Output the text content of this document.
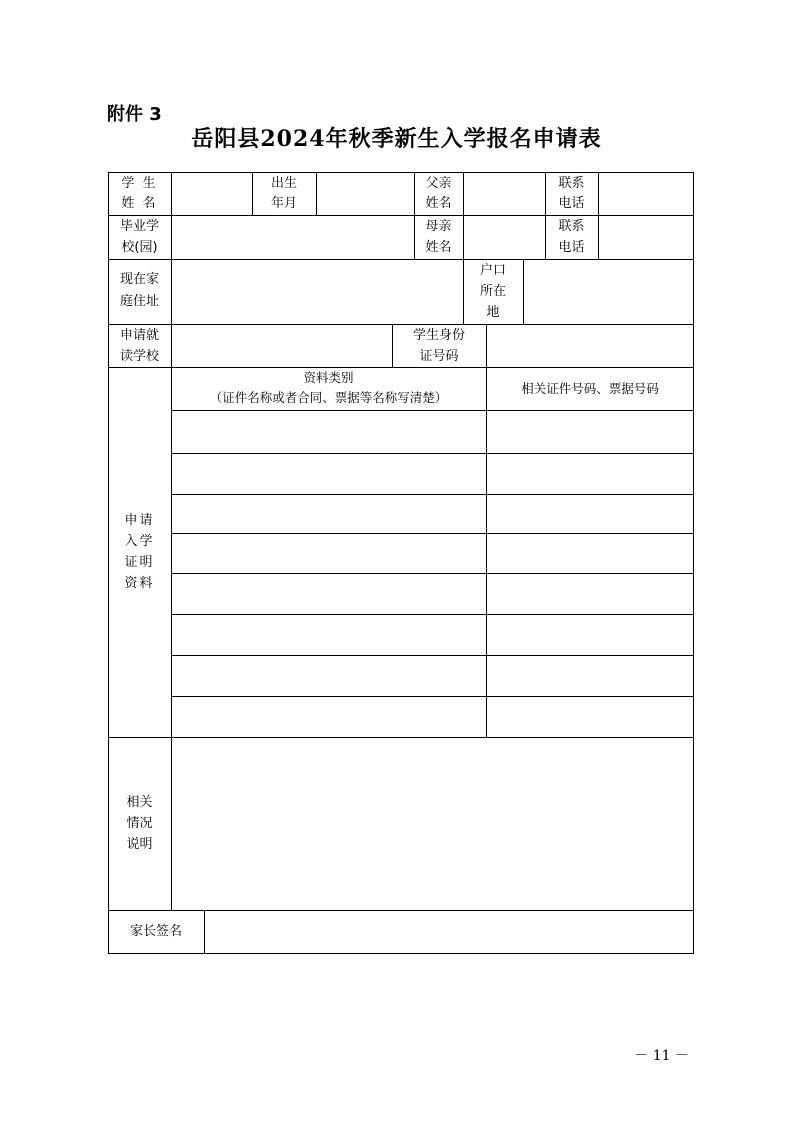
附件 3
岳阳县2024年秋季新生入学报名申请表
学 生
姓 名
出生
年月
父亲
姓名
联系
电话
毕业学
校(园)
母亲
姓名
联系
电话
现在家
庭住址
户口
所在
地
申请就
读学校
学生身份
证号码
申请
入学
证明
资料
资料类别
（证件名称或者合同、票据等名称写清楚）
相关证件号码、票据号码
相关
情况
说明
家长签名
－ 11 －
